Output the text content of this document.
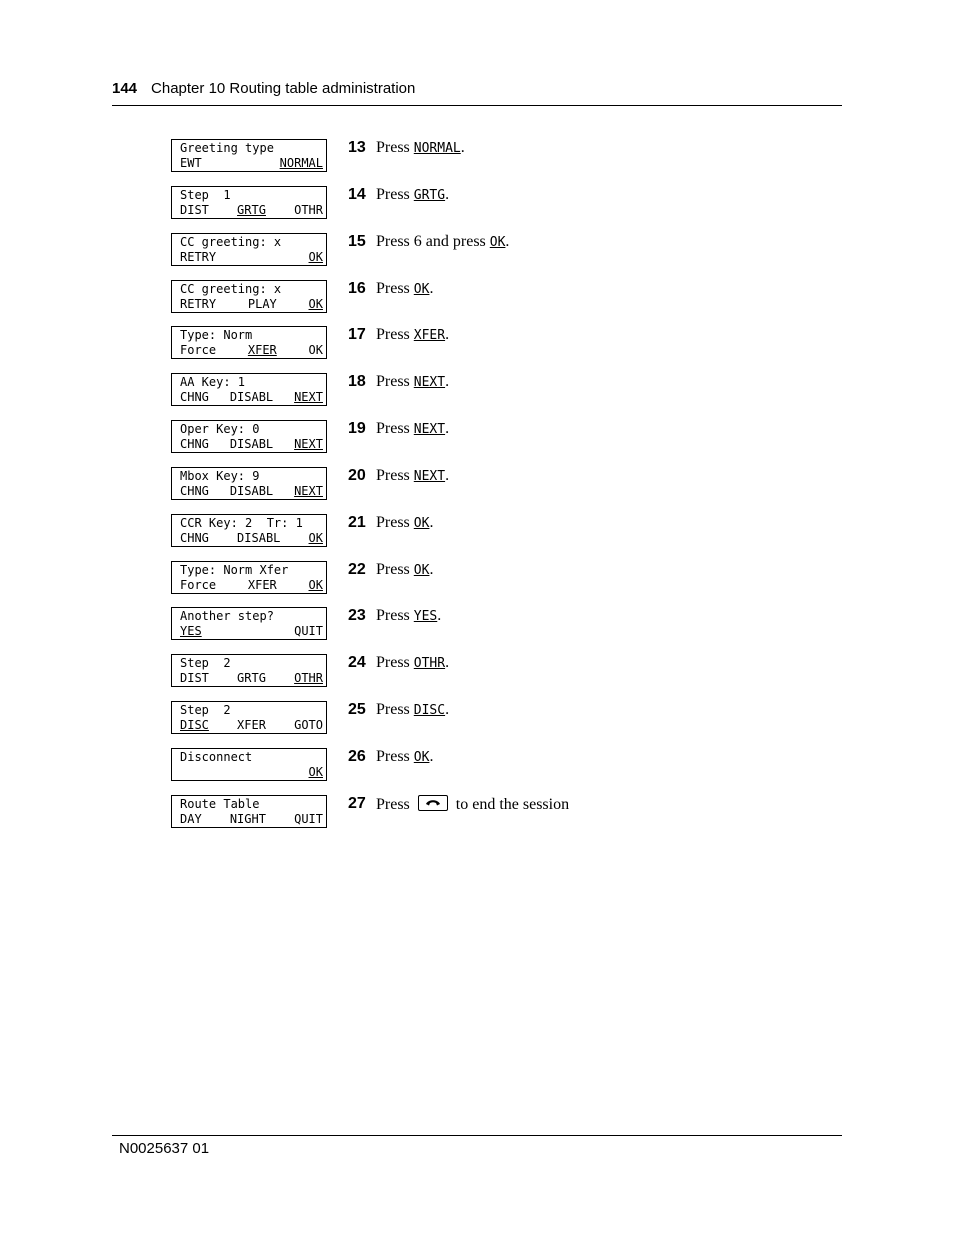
144 Chapter 10 Routing table administration
Greeting type
EWT	NORMAL
13 Press NORMAL.
Step  1
DIST GRTG OTHR
14 Press GRTG.
CC greeting: x
RETRY	OK
15 Press 6 and press OK.
CC greeting: x
RETRY	PLAY	OK
16 Press OK.
Type: Norm
Force	XFER	OK
17 Press XFER.
AA Key: 1
CHNG DISABL NEXT
18 Press NEXT.
Oper Key: 0
CHNG DISABL NEXT
19 Press NEXT.
Mbox Key: 9
CHNG DISABL NEXT
20 Press NEXT.
CCR Key: 2  Tr: 1
CHNG DISABL OK
21 Press OK.
Type: Norm Xfer
Force	XFER	OK
22 Press OK.
Another step?
YES	QUIT
23 Press YES.
Step  2
DIST GRTG OTHR
24 Press OTHR.
Step  2
DISC XFER GOTO
25 Press DISC.
Disconnect
OK
26 Press OK.
Route Table
DAY NIGHT QUIT
27 Press
to end the session
N0025637 01
